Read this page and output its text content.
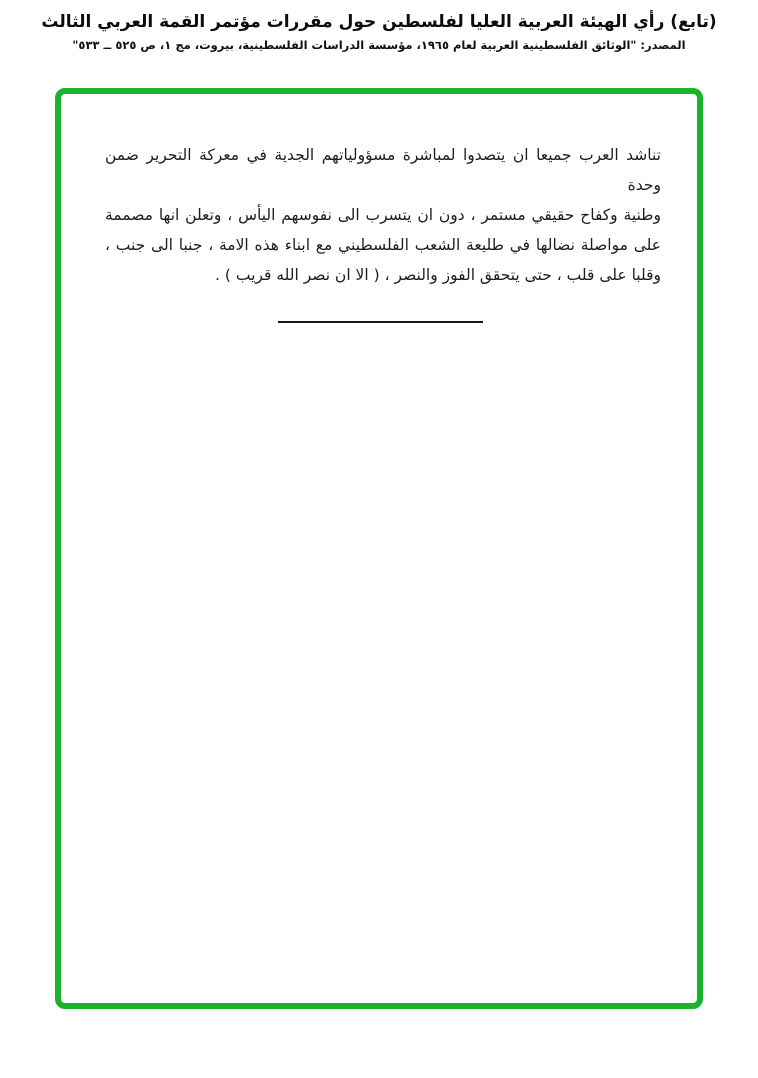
(تابع) رأي الهيئة العربية العليا لفلسطين حول مقررات مؤتمر القمة العربي الثالث
المصدر: "الوثائق الفلسطينية العربية لعام ١٩٦٥، مؤسسة الدراسات الفلسطينية، بيروت، مج ١، ص ٥٢٥ ــ ٥٣٣"
تناشد العرب جميعا ان يتصدوا لمباشرة مسؤولياتهم الجدية في معركة التحرير ضمن وحدة
وطنية وكفاح حقيقي مستمر ، دون ان يتسرب الى نفوسهم اليأس ، وتعلن انها مصممة
على مواصلة نضالها في طليعة الشعب الفلسطيني مع ابناء هذه الامة ، جنبا الى جنب ،
وقلبا على قلب ، حتى يتحقق الفوز والنصر ، ( الا ان نصر الله قريب ) .
